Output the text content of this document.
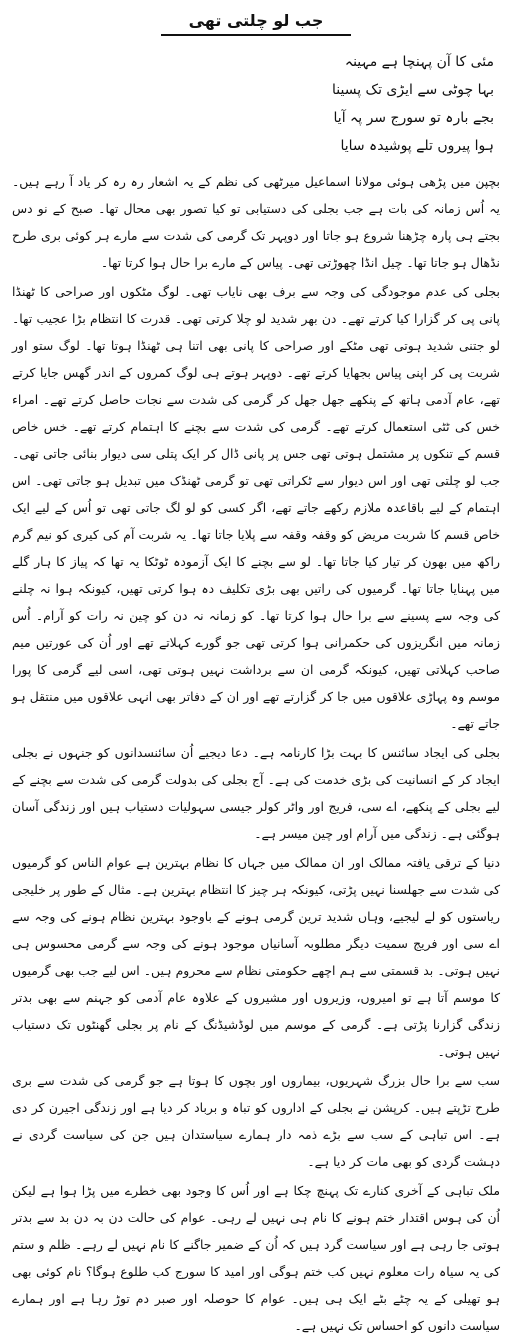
جب لو چلتی تھی

مئی کا آن پہنچا ہے مہینہ

بہا چوٹی سے ایڑی تک پسینا

بجے بارہ تو سورج سر پہ آیا

ہوا پیروں تلے پوشیدہ سایا

بچپن میں پڑھی ہوئی مولانا اسماعیل میرٹھی کی نظم کے یہ اشعار رہ رہ کر یاد آ رہے ہیں۔ یہ اُس زمانہ کی بات ہے جب بجلی کی دستیابی تو کیا تصور بھی محال تھا۔ صبح کے نو دس بجتے ہی پارہ چڑھنا شروع ہو جاتا اور دوپہر تک گرمی کی شدت سے مارے ہر کوئی بری طرح نڈھال ہو جاتا تھا۔ چیل انڈا چھوڑتی تھی۔ پیاس کے مارے برا حال ہوا کرتا تھا۔

بجلی کی عدم موجودگی کی وجہ سے برف بھی نایاب تھی۔ لوگ مٹکوں اور صراحی کا ٹھنڈا پانی پی کر گزارا کیا کرتے تھے۔ دن بھر شدید لو چلا کرتی تھی۔ قدرت کا انتظام بڑا عجیب تھا۔ لو جتنی شدید ہوتی تھی مٹکے اور صراحی کا پانی بھی اتنا ہی ٹھنڈا ہوتا تھا۔ لوگ ستو اور شربت پی کر اپنی پیاس بجھایا کرتے تھے۔ دوپہر ہوتے ہی لوگ کمروں کے اندر گھس جایا کرتے تھے، عام آدمی ہاتھ کے پنکھے جھل جھل کر گرمی کی شدت سے نجات حاصل کرتے تھے۔ امراء خس کی ٹٹی استعمال کرتے تھے۔ گرمی کی شدت سے بچنے کا اہتمام کرتے تھے۔ خس خاص قسم کے تنکوں پر مشتمل ہوتی تھی جس پر پانی ڈال کر ایک پتلی سی دیوار بنائی جاتی تھی۔ جب لو چلتی تھی اور اس دیوار سے ٹکراتی تھی تو گرمی ٹھنڈک میں تبدیل ہو جاتی تھی۔ اس اہتمام کے لیے باقاعدہ ملازم رکھے جاتے تھے، اگر کسی کو لو لگ جاتی تھی تو اُس کے لیے ایک خاص قسم کا شربت مریض کو وقفہ وقفہ سے پلایا جاتا تھا۔ یہ شربت آم کی کیری کو نیم گرم راکھ میں بھون کر تیار کیا جاتا تھا۔ لو سے بچنے کا ایک آزمودہ ٹوٹکا یہ تھا کہ پیاز کا ہار گلے میں پہنایا جاتا تھا۔ گرمیوں کی راتیں بھی بڑی تکلیف دہ ہوا کرتی تھیں، کیونکہ ہوا نہ چلنے کی وجہ سے پسینے سے برا حال ہوا کرتا تھا۔ کو زمانہ نہ دن کو چین نہ رات کو آرام۔ اُس زمانہ میں انگریزوں کی حکمرانی ہوا کرتی تھی جو گورے کہلاتے تھے اور اُن کی عورتیں میم صاحب کہلاتی تھیں، کیونکہ گرمی ان سے برداشت نہیں ہوتی تھی، اسی لیے گرمی کا پورا موسم وہ پہاڑی علاقوں میں جا کر گزارتے تھے اور ان کے دفاتر بھی انہی علاقوں میں منتقل ہو جاتے تھے۔

بجلی کی ایجاد سائنس کا بہت بڑا کارنامہ ہے۔ دعا دیجیے اُن سائنسدانوں کو جنہوں نے بجلی ایجاد کر کے انسانیت کی بڑی خدمت کی ہے۔ آج بجلی کی بدولت گرمی کی شدت سے بچنے کے لیے بجلی کے پنکھے، اے سی، فریج اور واٹر کولر جیسی سہولیات دستیاب ہیں اور زندگی آسان ہوگئی ہے۔ زندگی میں آرام اور چین میسر ہے۔

دنیا کے ترقی یافتہ ممالک اور ان ممالک میں جہاں کا نظام بہترین ہے عوام الناس کو گرمیوں کی شدت سے جھلسنا نہیں پڑتی، کیونکہ ہر چیز کا انتظام بہترین ہے۔ مثال کے طور پر خلیجی ریاستوں کو لے لیجیے، وہاں شدید ترین گرمی ہونے کے باوجود بہترین نظام ہونے کی وجہ سے اے سی اور فریج سمیت دیگر مطلوبہ آسانیاں موجود ہونے کی وجہ سے گرمی محسوس ہی نہیں ہوتی۔ بد قسمتی سے ہم اچھے حکومتی نظام سے محروم ہیں۔ اس لیے جب بھی گرمیوں کا موسم آتا ہے تو امیروں، وزیروں اور مشیروں کے علاوہ عام آدمی کو جہنم سے بھی بدتر زندگی گزارنا پڑتی ہے۔ گرمی کے موسم میں لوڈشیڈنگ کے نام پر بجلی گھنٹوں تک دستیاب نہیں ہوتی۔

سب سے برا حال بزرگ شہریوں، بیماروں اور بچوں کا ہوتا ہے جو گرمی کی شدت سے بری طرح تڑپتے ہیں۔ کرپشن نے بجلی کے اداروں کو تباہ و برباد کر دیا ہے اور زندگی اجیرن کر دی ہے۔ اس تباہی کے سب سے بڑے ذمہ دار ہمارے سیاستدان ہیں جن کی سیاست گردی نے دہشت گردی کو بھی مات کر دیا ہے۔

ملک تباہی کے آخری کنارے تک پہنچ چکا ہے اور اُس کا وجود بھی خطرے میں پڑا ہوا ہے لیکن اُن کی ہوس اقتدار ختم ہونے کا نام ہی نہیں لے رہی۔ عوام کی حالت دن بہ دن بد سے بدتر ہوتی جا رہی ہے اور سیاست گرد ہیں کہ اُن کے ضمیر جاگنے کا نام نہیں لے رہے۔ ظلم و ستم کی یہ سیاہ رات معلوم نہیں کب ختم ہوگی اور امید کا سورج کب طلوع ہوگا؟ نام کوئی بھی ہو تھیلی کے یہ چٹے بٹے ایک ہی ہیں۔ عوام کا حوصلہ اور صبر دم توڑ رہا ہے اور ہمارے سیاست دانوں کو احساس تک نہیں ہے۔
